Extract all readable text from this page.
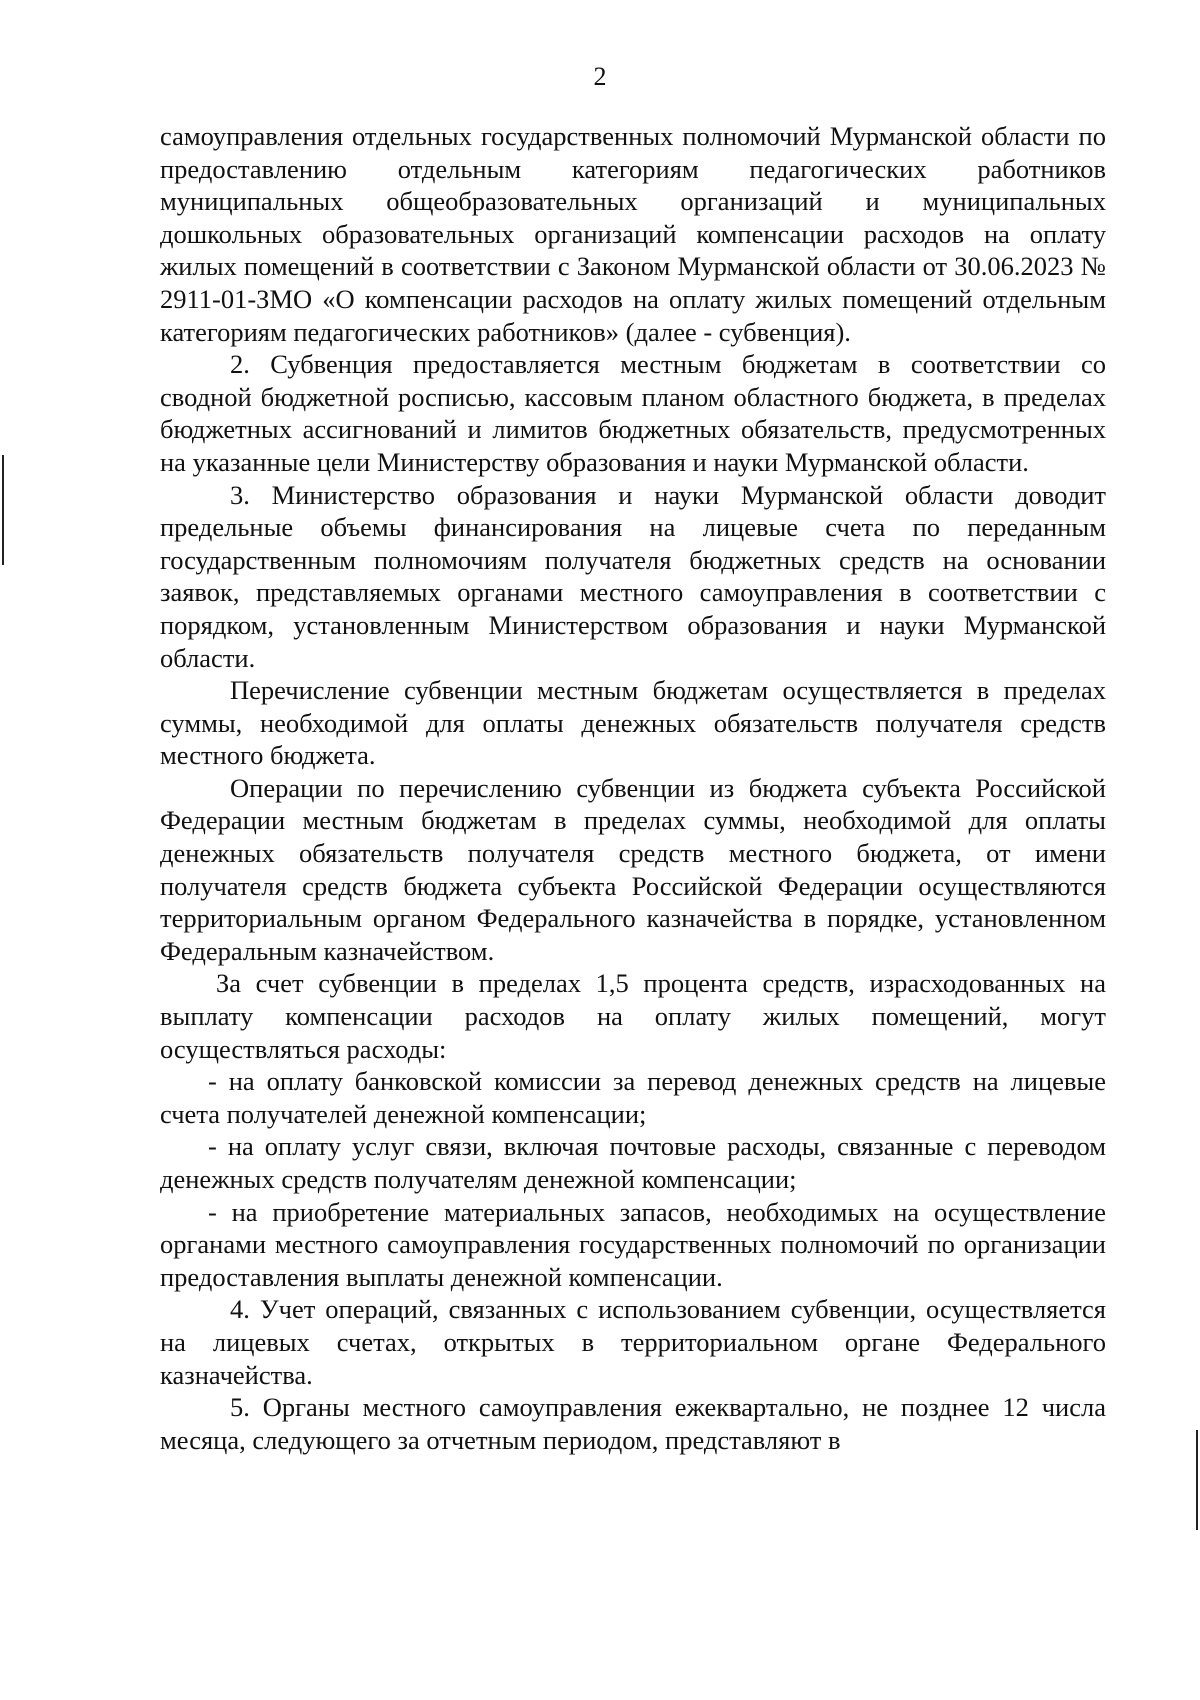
2

самоуправления отдельных государственных полномочий Мурманской области по предоставлению отдельным категориям педагогических работников муниципальных общеобразовательных организаций и муниципальных дошкольных образовательных организаций компенсации расходов на оплату жилых помещений в соответствии с Законом Мурманской области от 30.06.2023 № 2911-01-ЗМО «О компенсации расходов на оплату жилых помещений отдельным категориям педагогических работников» (далее - субвенция).

2. Субвенция предоставляется местным бюджетам в соответствии со сводной бюджетной росписью, кассовым планом областного бюджета, в пределах бюджетных ассигнований и лимитов бюджетных обязательств, предусмотренных на указанные цели Министерству образования и науки Мурманской области.

3. Министерство образования и науки Мурманской области доводит предельные объемы финансирования на лицевые счета по переданным государственным полномочиям получателя бюджетных средств на основании заявок, представляемых органами местного самоуправления в соответствии с порядком, установленным Министерством образования и науки Мурманской области.

Перечисление субвенции местным бюджетам осуществляется в пределах суммы, необходимой для оплаты денежных обязательств получателя средств местного бюджета.

Операции по перечислению субвенции из бюджета субъекта Российской Федерации местным бюджетам в пределах суммы, необходимой для оплаты денежных обязательств получателя средств местного бюджета, от имени получателя средств бюджета субъекта Российской Федерации осуществляются территориальным органом Федерального казначейства в порядке, установленном Федеральным казначейством.

За счет субвенции в пределах 1,5 процента средств, израсходованных на выплату компенсации расходов на оплату жилых помещений, могут осуществляться расходы:

- на оплату банковской комиссии за перевод денежных средств на лицевые счета получателей денежной компенсации;

- на оплату услуг связи, включая почтовые расходы, связанные с переводом денежных средств получателям денежной компенсации;

- на приобретение материальных запасов, необходимых на осуществление органами местного самоуправления государственных полномочий по организации предоставления выплаты денежной компенсации.

4. Учет операций, связанных с использованием субвенции, осуществляется на лицевых счетах, открытых в территориальном органе Федерального казначейства.

5. Органы местного самоуправления ежеквартально, не позднее 12 числа месяца, следующего за отчетным периодом, представляют в
